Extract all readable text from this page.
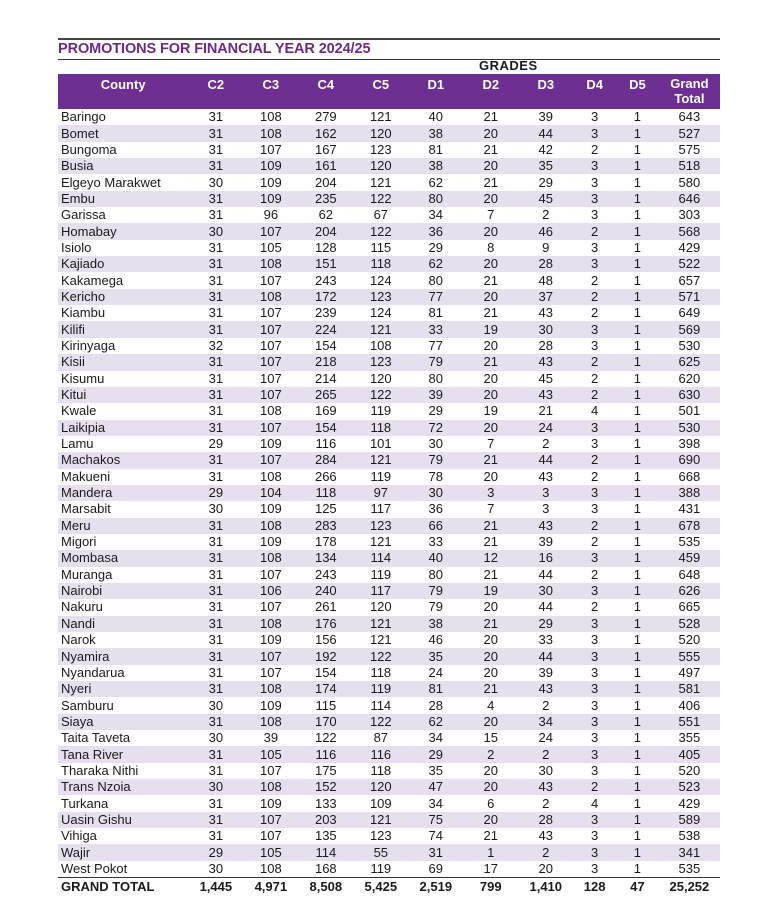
PROMOTIONS FOR FINANCIAL YEAR 2024/25
GRADES
County	C2	C3	C4	C5	D1	D2	D3	D4	D5	Grand
Total

Baringo	31	108	279	121	40	21	39	3	1	643
Bomet	31	108	162	120	38	20	44	3	1	527
Bungoma	31	107	167	123	81	21	42	2	1	575
Busia	31	109	161	120	38	20	35	3	1	518
Elgeyo Marakwet	30	109	204	121	62	21	29	3	1	580
Embu	31	109	235	122	80	20	45	3	1	646
Garissa	31	96	62	67	34	7	2	3	1	303
Homabay	30	107	204	122	36	20	46	2	1	568
Isiolo	31	105	128	115	29	8	9	3	1	429
Kajiado	31	108	151	118	62	20	28	3	1	522
Kakamega	31	107	243	124	80	21	48	2	1	657
Kericho	31	108	172	123	77	20	37	2	1	571
Kiambu	31	107	239	124	81	21	43	2	1	649
Kilifi	31	107	224	121	33	19	30	3	1	569
Kirinyaga	32	107	154	108	77	20	28	3	1	530
Kisii	31	107	218	123	79	21	43	2	1	625
Kisumu	31	107	214	120	80	20	45	2	1	620
Kitui	31	107	265	122	39	20	43	2	1	630
Kwale	31	108	169	119	29	19	21	4	1	501
Laikipia	31	107	154	118	72	20	24	3	1	530
Lamu	29	109	116	101	30	7	2	3	1	398
Machakos	31	107	284	121	79	21	44	2	1	690
Makueni	31	108	266	119	78	20	43	2	1	668
Mandera	29	104	118	97	30	3	3	3	1	388
Marsabit	30	109	125	117	36	7	3	3	1	431
Meru	31	108	283	123	66	21	43	2	1	678
Migori	31	109	178	121	33	21	39	2	1	535
Mombasa	31	108	134	114	40	12	16	3	1	459
Muranga	31	107	243	119	80	21	44	2	1	648
Nairobi	31	106	240	117	79	19	30	3	1	626
Nakuru	31	107	261	120	79	20	44	2	1	665
Nandi	31	108	176	121	38	21	29	3	1	528
Narok	31	109	156	121	46	20	33	3	1	520
Nyamira	31	107	192	122	35	20	44	3	1	555
Nyandarua	31	107	154	118	24	20	39	3	1	497
Nyeri	31	108	174	119	81	21	43	3	1	581
Samburu	30	109	115	114	28	4	2	3	1	406
Siaya	31	108	170	122	62	20	34	3	1	551
Taita Taveta	30	39	122	87	34	15	24	3	1	355
Tana River	31	105	116	116	29	2	2	3	1	405
Tharaka Nithi	31	107	175	118	35	20	30	3	1	520
Trans Nzoia	30	108	152	120	47	20	43	2	1	523
Turkana	31	109	133	109	34	6	2	4	1	429
Uasin Gishu	31	107	203	121	75	20	28	3	1	589
Vihiga	31	107	135	123	74	21	43	3	1	538
Wajir	29	105	114	55	31	1	2	3	1	341
West Pokot	30	108	168	119	69	17	20	3	1	535
GRAND TOTAL	1,445	4,971	8,508	5,425	2,519	799	1,410	128	47	25,252
